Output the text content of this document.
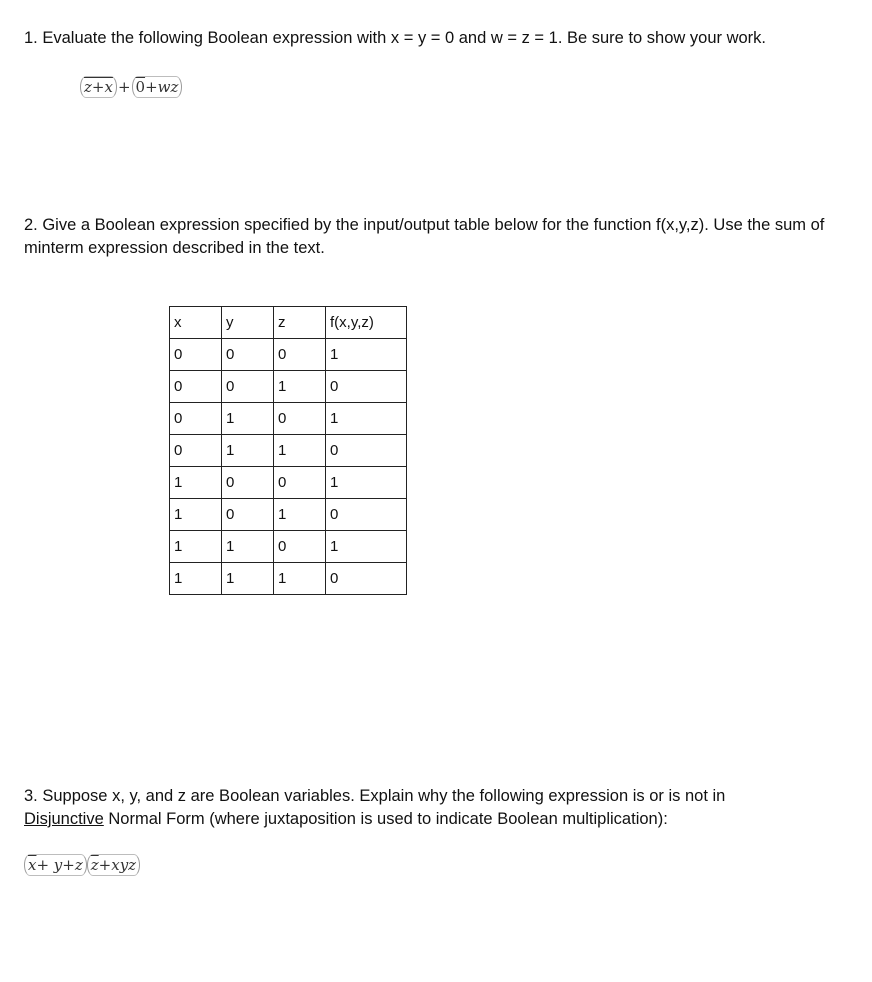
1. Evaluate the following Boolean expression with x = y = 0 and w = z = 1. Be sure to show your work.

z+x + 0+wz

2. Give a Boolean expression specified by the input/output table below for the function f(x,y,z). Use the sum of minterm expression described in the text.

x	y	z	f(x,y,z)
0	0	0	1
0	0	1	0
0	1	0	1
0	1	1	0
1	0	0	1
1	0	1	0
1	1	0	1
1	1	1	0

3. Suppose x, y, and z are Boolean variables. Explain why the following expression is or is not in
Disjunctive Normal Form (where juxtaposition is used to indicate Boolean multiplication):

$\overline{x}+ y+z$ $\overline{z}+xyz$
